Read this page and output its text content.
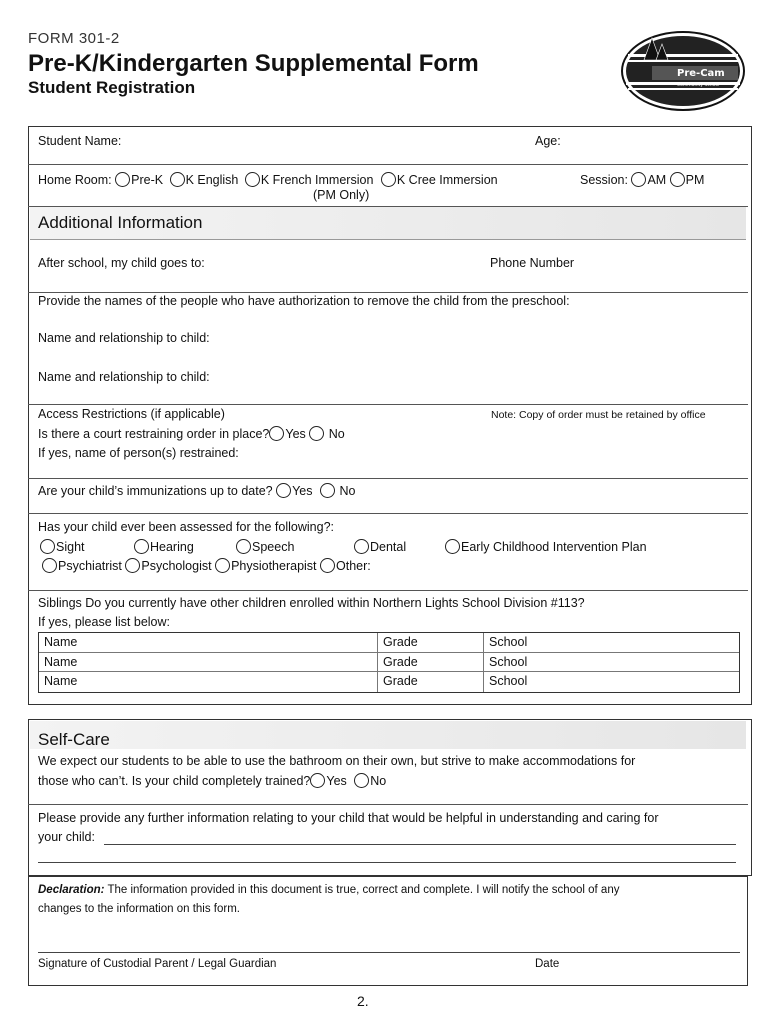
FORM 301-2
Pre-K/Kindergarten Supplemental Form
Student Registration
Pre-Cam
Community School
Student Name:	Age:
Home Room: Pre-K K English K French Immersion K Cree Immersion
(PM Only)
Session: AM PM
Additional Information
After school, my child goes to:	Phone Number
Provide the names of the people who have authorization to remove the child from the preschool:
Name and relationship to child:
Name and relationship to child:
Access Restrictions (if applicable)	Note: Copy of order must be retained by office
Is there a court restraining order in place? Yes No
If yes, name of person(s) restrained:
Are your child’s immunizations up to date? Yes No
Has your child ever been assessed for the following?:
Sight	Hearing	Speech	Dental	Early Childhood Intervention Plan
Psychiatrist Psychologist Physiotherapist Other:
Siblings Do you currently have other children enrolled within Northern Lights School Division #113?
If yes, please list below:
Name	Grade	School
Name	Grade	School
Name	Grade	School
Self-Care
We expect our students to be able to use the bathroom on their own, but strive to make accommodations for
those who can’t. Is your child completely trained? Yes No
Please provide any further information relating to your child that would be helpful in understanding and caring for
your child:
Declaration: The information provided in this document is true, correct and complete. I will notify the school of any
changes to the information on this form.
Signature of Custodial Parent / Legal Guardian	Date
2.
